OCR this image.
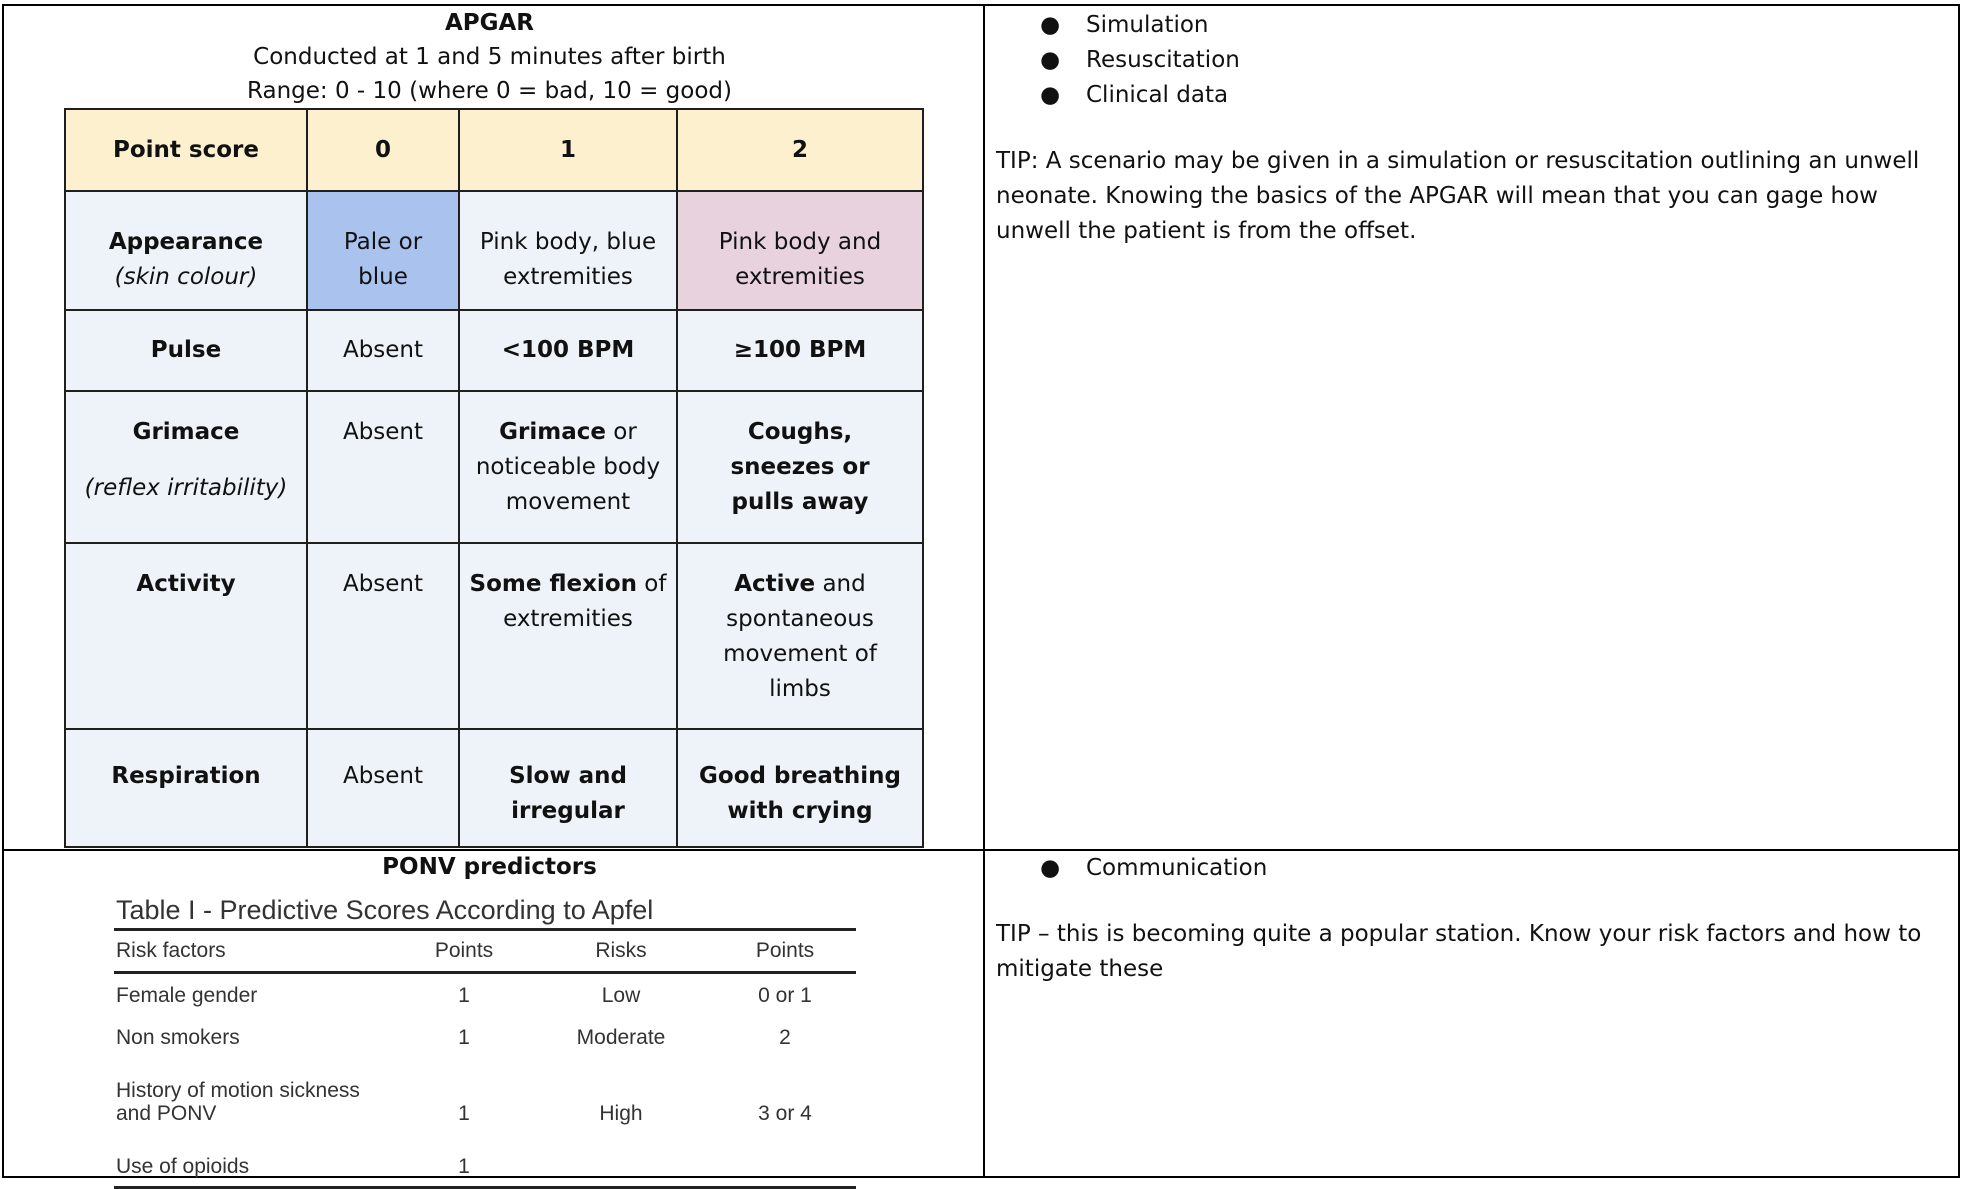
APGAR
Conducted at 1 and 5 minutes after birth
Range: 0 - 10 (where 0 = bad, 10 = good)
Point score	0	1	2

Appearance
(skin colour)	Pale or blue	Pink body, blue extremities	Pink body and extremities
Pulse	Absent	<100 BPM	≥100 BPM

Grimace
(reflex irritability)	Absent	Grimace or noticeable body movement	Coughs, sneezes or pulls away
Activity	Absent	Some flexion of extremities	Active and spontaneous movement of limbs
Respiration	Absent	Slow and irregular	Good breathing with crying
● Simulation
● Resuscitation
● Clinical data

TIP: A scenario may be given in a simulation or resuscitation outlining an unwell neonate. Knowing the basics of the APGAR will mean that you can gage how unwell the patient is from the offset.

PONV predictors
Table I - Predictive Scores According to Apfel
Risk factors	Points	Risks	Points
Female gender	1	Low	0 or 1
Non smokers	1	Moderate	2
History of motion sickness and PONV	1	High	3 or 4
Use of opioids	1		
● Communication

TIP – this is becoming quite a popular station. Know your risk factors and how to mitigate these
